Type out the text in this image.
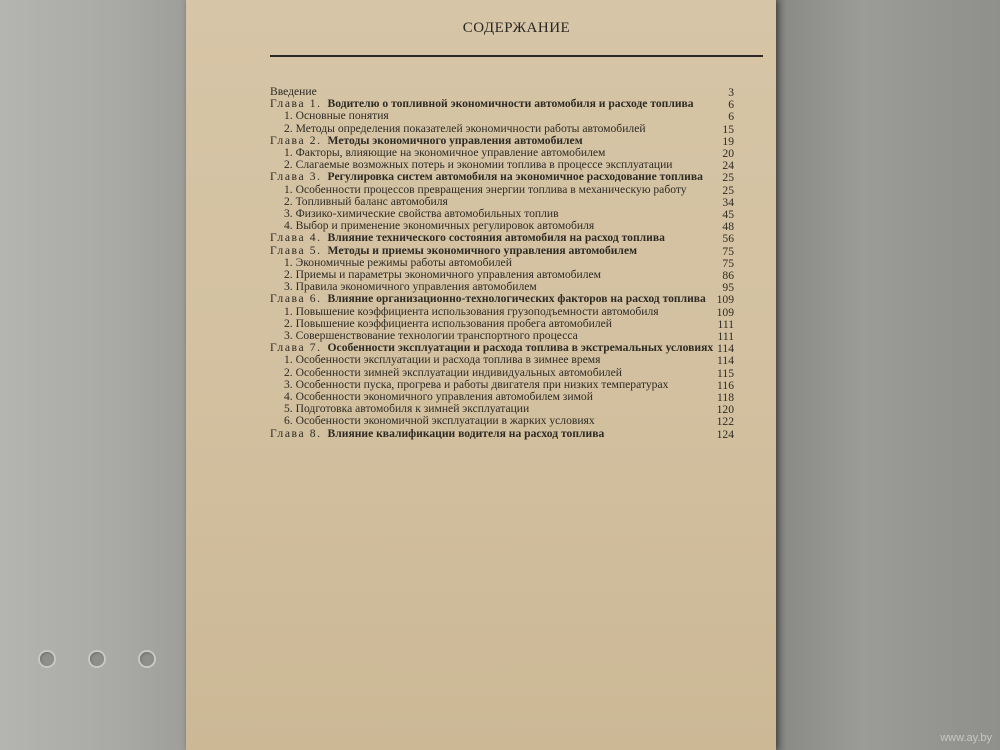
СОДЕРЖАНИЕ
Введение	3
Глава 1. Водителю о топливной экономичности автомобиля и расходе топлива	6
1. Основные понятия	6
2. Методы определения показателей экономичности работы автомобилей	15
Глава 2. Методы экономичного управления автомобилем	19
1. Факторы, влияющие на экономичное управление автомобилем	20
2. Слагаемые возможных потерь и экономии топлива в процессе эксплуатации	24
Глава 3. Регулировка систем автомобиля на экономичное расходование топлива	25
1. Особенности процессов превращения энергии топлива в механическую работу	25
2. Топливный баланс автомобиля	34
3. Физико-химические свойства автомобильных топлив	45
4. Выбор и применение экономичных регулировок автомобиля	48
Глава 4. Влияние технического состояния автомобиля на расход топлива	56
Глава 5. Методы и приемы экономичного управления автомобилем	75
1. Экономичные режимы работы автомобилей	75
2. Приемы и параметры экономичного управления автомобилем	86
3. Правила экономичного управления автомобилем	95
Глава 6. Влияние организационно-технологических факторов на расход топлива 109
1. Повышение коэффициента использования грузоподъемности автомобиля	109
2. Повышение коэффициента использования пробега автомобилей	111
3. Совершенствование технологии транспортного процесса	111
Глава 7. Особенности эксплуатации и расхода топлива в экстремальных условиях 114
1. Особенности эксплуатации и расхода топлива в зимнее время	114
2. Особенности зимней эксплуатации индивидуальных автомобилей	115
3. Особенности пуска, прогрева и работы двигателя при низких температурах	116
4. Особенности экономичного управления автомобилем зимой	118
5. Подготовка автомобиля к зимней эксплуатации	120
6. Особенности экономичной эксплуатации в жарких условиях	122
Глава 8. Влияние квалификации водителя на расход топлива	124
www.ay.by
